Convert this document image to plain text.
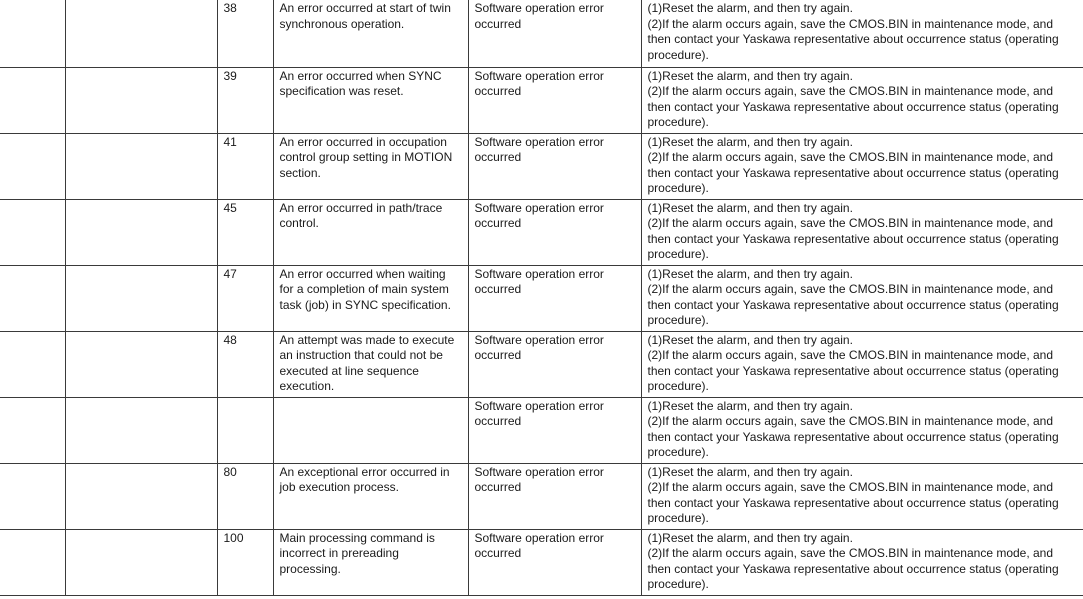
		38	An error occurred at start of twin synchronous operation.	Software operation error occurred	(1)Reset the alarm, and then try again.
(2)If the alarm occurs again, save the CMOS.BIN in maintenance mode, and then contact your Yaskawa representative about occurrence status (operating procedure).

		39	An error occurred when SYNC specification was reset.	Software operation error occurred	(1)Reset the alarm, and then try again.
(2)If the alarm occurs again, save the CMOS.BIN in maintenance mode, and then contact your Yaskawa representative about occurrence status (operating procedure).

		41	An error occurred in occupation control group setting in MOTION section.	Software operation error occurred	(1)Reset the alarm, and then try again.
(2)If the alarm occurs again, save the CMOS.BIN in maintenance mode, and then contact your Yaskawa representative about occurrence status (operating procedure).

		45	An error occurred in path/trace control.	Software operation error occurred	(1)Reset the alarm, and then try again.
(2)If the alarm occurs again, save the CMOS.BIN in maintenance mode, and then contact your Yaskawa representative about occurrence status (operating procedure).

		47	An error occurred when waiting for a completion of main system task (job) in SYNC specification.	Software operation error occurred	(1)Reset the alarm, and then try again.
(2)If the alarm occurs again, save the CMOS.BIN in maintenance mode, and then contact your Yaskawa representative about occurrence status (operating procedure).

		48	An attempt was made to execute an instruction that could not be executed at line sequence execution.	Software operation error occurred	(1)Reset the alarm, and then try again.
(2)If the alarm occurs again, save the CMOS.BIN in maintenance mode, and then contact your Yaskawa representative about occurrence status (operating procedure).

				Software operation error occurred	(1)Reset the alarm, and then try again.
(2)If the alarm occurs again, save the CMOS.BIN in maintenance mode, and then contact your Yaskawa representative about occurrence status (operating procedure).

		80	An exceptional error occurred in job execution process.	Software operation error occurred	(1)Reset the alarm, and then try again.
(2)If the alarm occurs again, save the CMOS.BIN in maintenance mode, and then contact your Yaskawa representative about occurrence status (operating procedure).

		100	Main processing command is incorrect in prereading processing.	Software operation error occurred	(1)Reset the alarm, and then try again.
(2)If the alarm occurs again, save the CMOS.BIN in maintenance mode, and then contact your Yaskawa representative about occurrence status (operating procedure).
